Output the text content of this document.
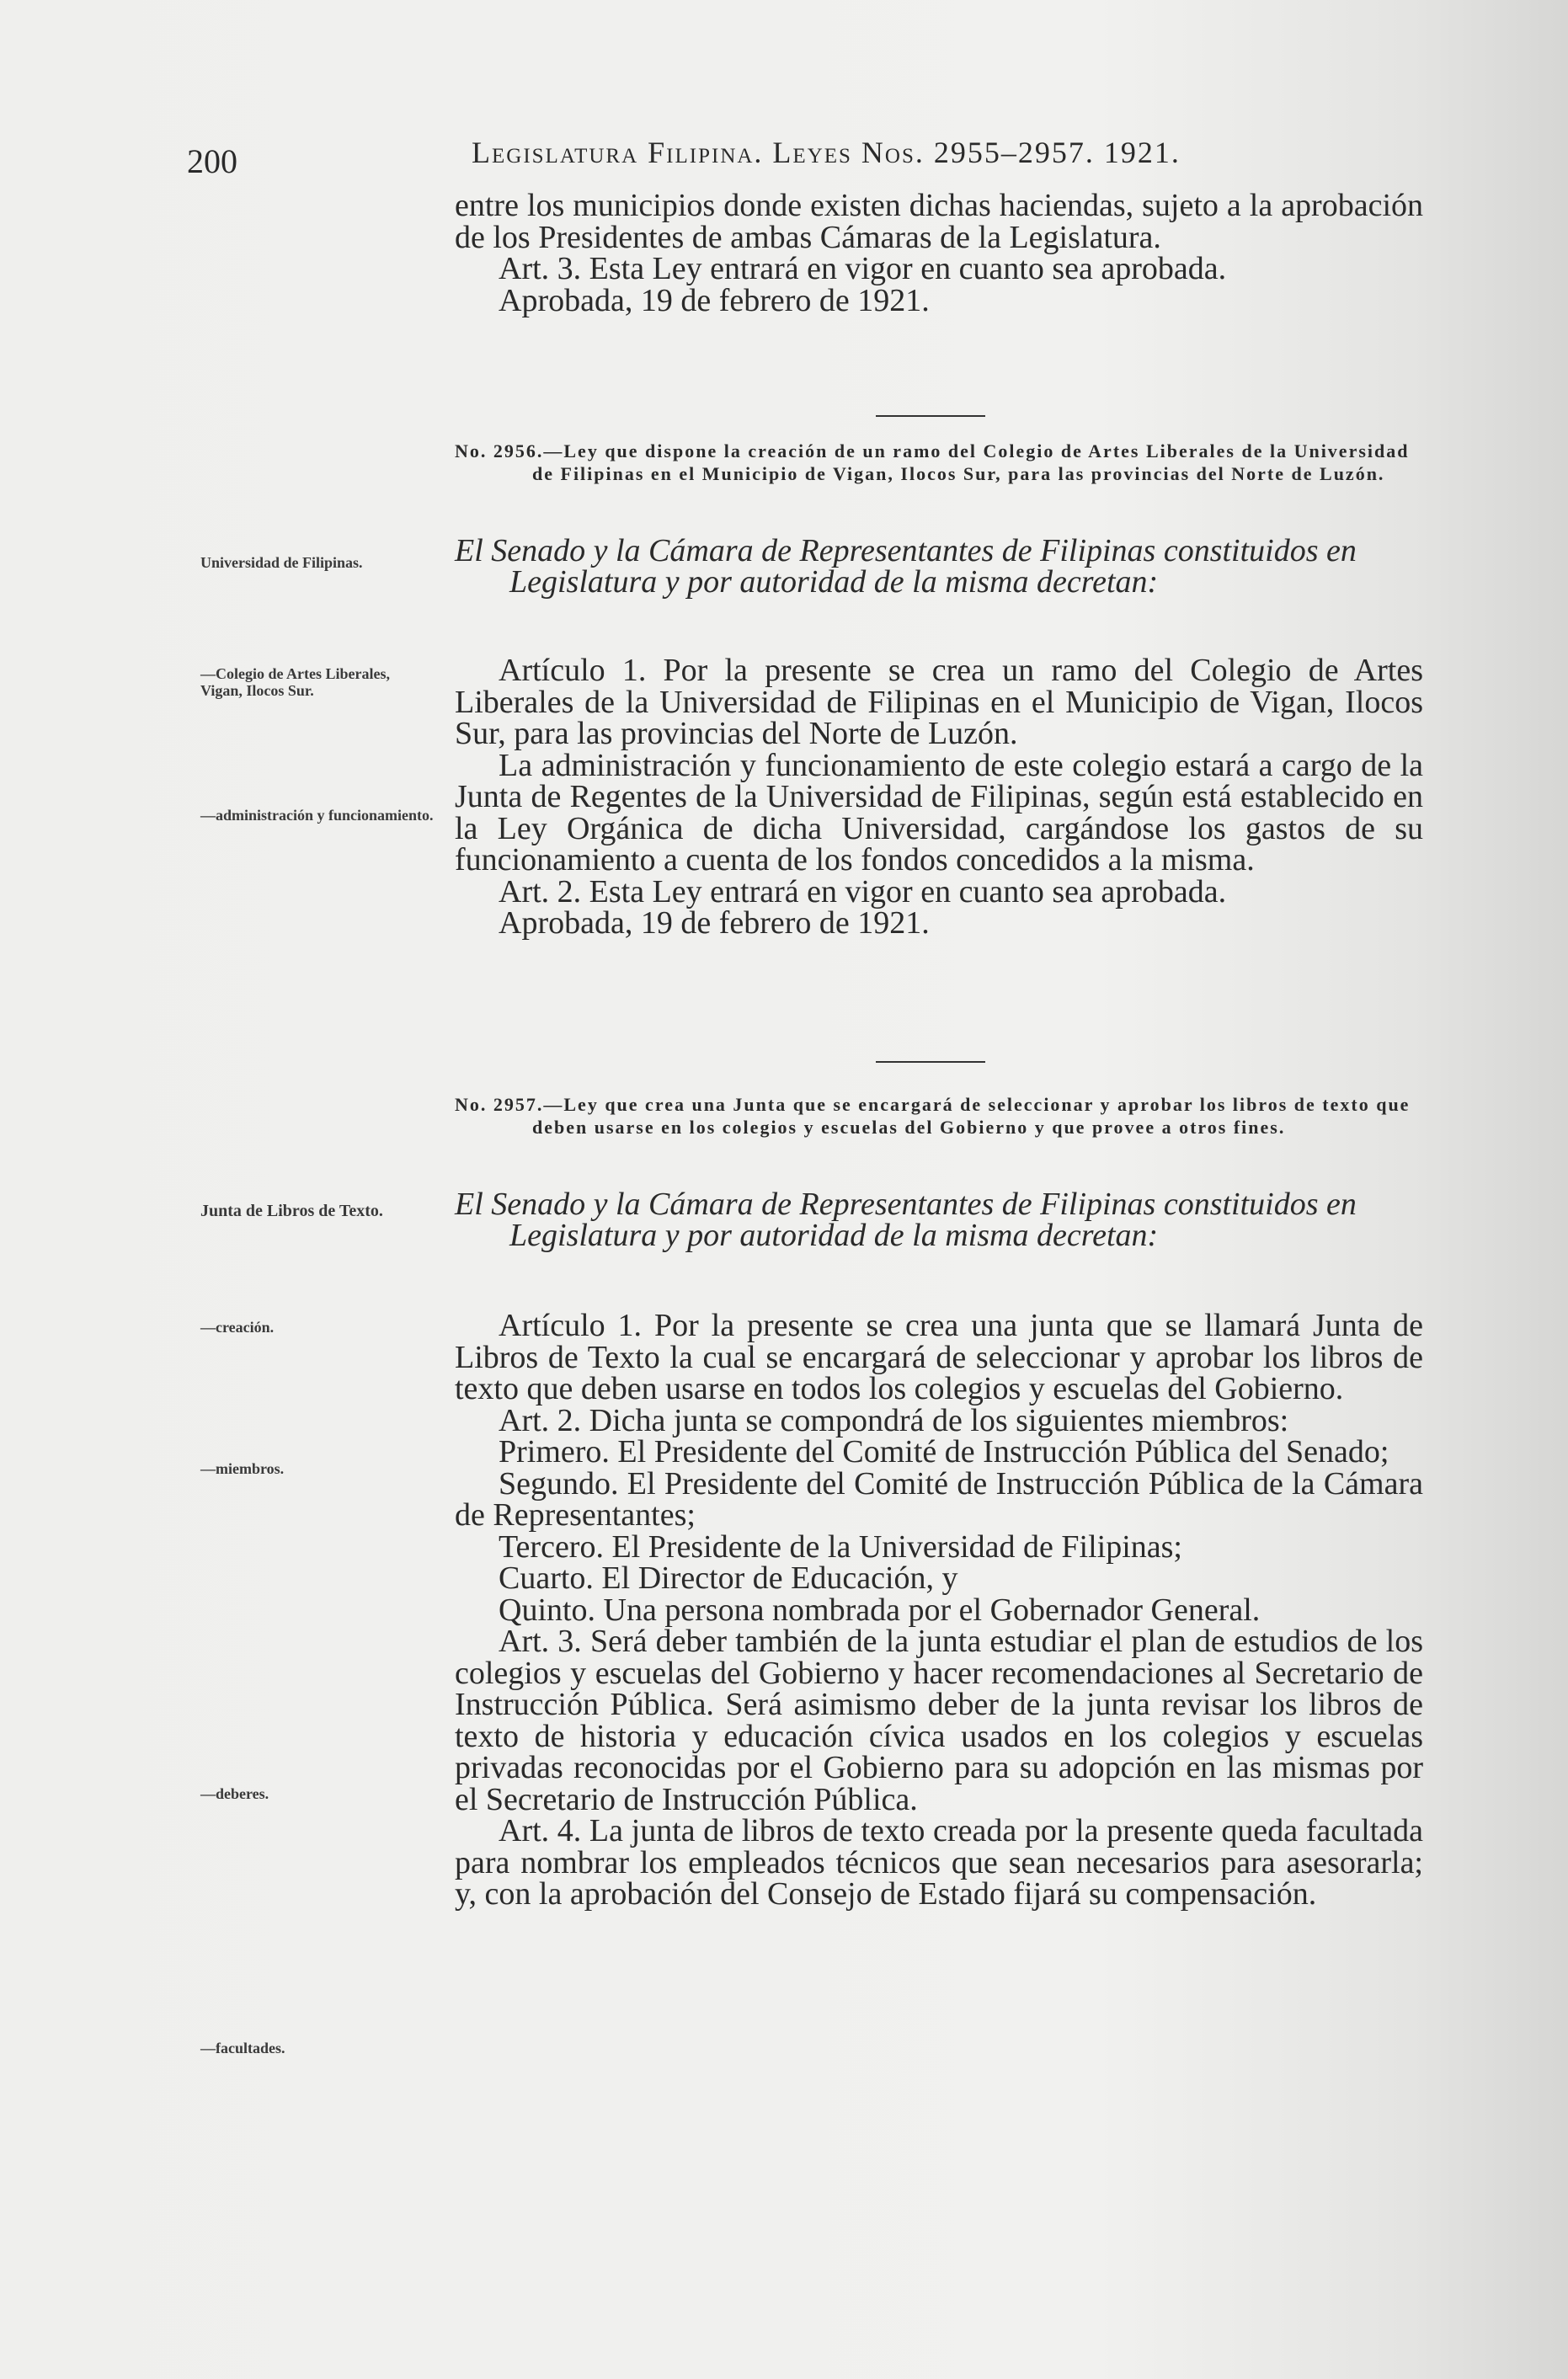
200	Legislatura Filipina. Leyes Nos. 2955–2957. 1921.

entre los municipios donde existen dichas haciendas, sujeto a la aprobación de los Presidentes de ambas Cámaras de la Legislatura.

Art. 3. Esta Ley entrará en vigor en cuanto sea aprobada.

Aprobada, 19 de febrero de 1921.

No. 2956.—Ley que dispone la creación de un ramo del Colegio de Artes Liberales de la Universidad de Filipinas en el Municipio de Vigan, Ilocos Sur, para las provincias del Norte de Luzón.

El Senado y la Cámara de Representantes de Filipinas constituidos en Legislatura y por autoridad de la misma decretan:

Artículo 1. Por la presente se crea un ramo del Colegio de Artes Liberales de la Universidad de Filipinas en el Municipio de Vigan, Ilocos Sur, para las provincias del Norte de Luzón.

La administración y funcionamiento de este colegio estará a cargo de la Junta de Regentes de la Universidad de Filipinas, según está establecido en la Ley Orgánica de dicha Universidad, cargándose los gastos de su funcionamiento a cuenta de los fondos concedidos a la misma.

Art. 2. Esta Ley entrará en vigor en cuanto sea aprobada.

Aprobada, 19 de febrero de 1921.

No. 2957.—Ley que crea una Junta que se encargará de seleccionar y aprobar los libros de texto que deben usarse en los colegios y escuelas del Gobierno y que provee a otros fines.

El Senado y la Cámara de Representantes de Filipinas constituidos en Legislatura y por autoridad de la misma decretan:

Artículo 1. Por la presente se crea una junta que se llamará Junta de Libros de Texto la cual se encargará de seleccionar y aprobar los libros de texto que deben usarse en todos los colegios y escuelas del Gobierno.

Art. 2. Dicha junta se compondrá de los siguientes miembros:

Primero. El Presidente del Comité de Instrucción Pública del Senado;

Segundo. El Presidente del Comité de Instrucción Pública de la Cámara de Representantes;

Tercero. El Presidente de la Universidad de Filipinas;

Cuarto. El Director de Educación, y

Quinto. Una persona nombrada por el Gobernador General.

Art. 3. Será deber también de la junta estudiar el plan de estudios de los colegios y escuelas del Gobierno y hacer recomendaciones al Secretario de Instrucción Pública. Será asimismo deber de la junta revisar los libros de texto de historia y educación cívica usados en los colegios y escuelas privadas reconocidas por el Gobierno para su adopción en las mismas por el Secretario de Instrucción Pública.

Art. 4. La junta de libros de texto creada por la presente queda facultada para nombrar los empleados técnicos que sean necesarios para asesorarla; y, con la aprobación del Consejo de Estado fijará su compensación.

Universidad de Filipinas.
—Colegio de Artes Liberales, Vigan, Ilocos Sur.
—administración y funcionamiento.
Junta de Libros de Texto.
—creación.
—miembros.
—deberes.
—facultades.
